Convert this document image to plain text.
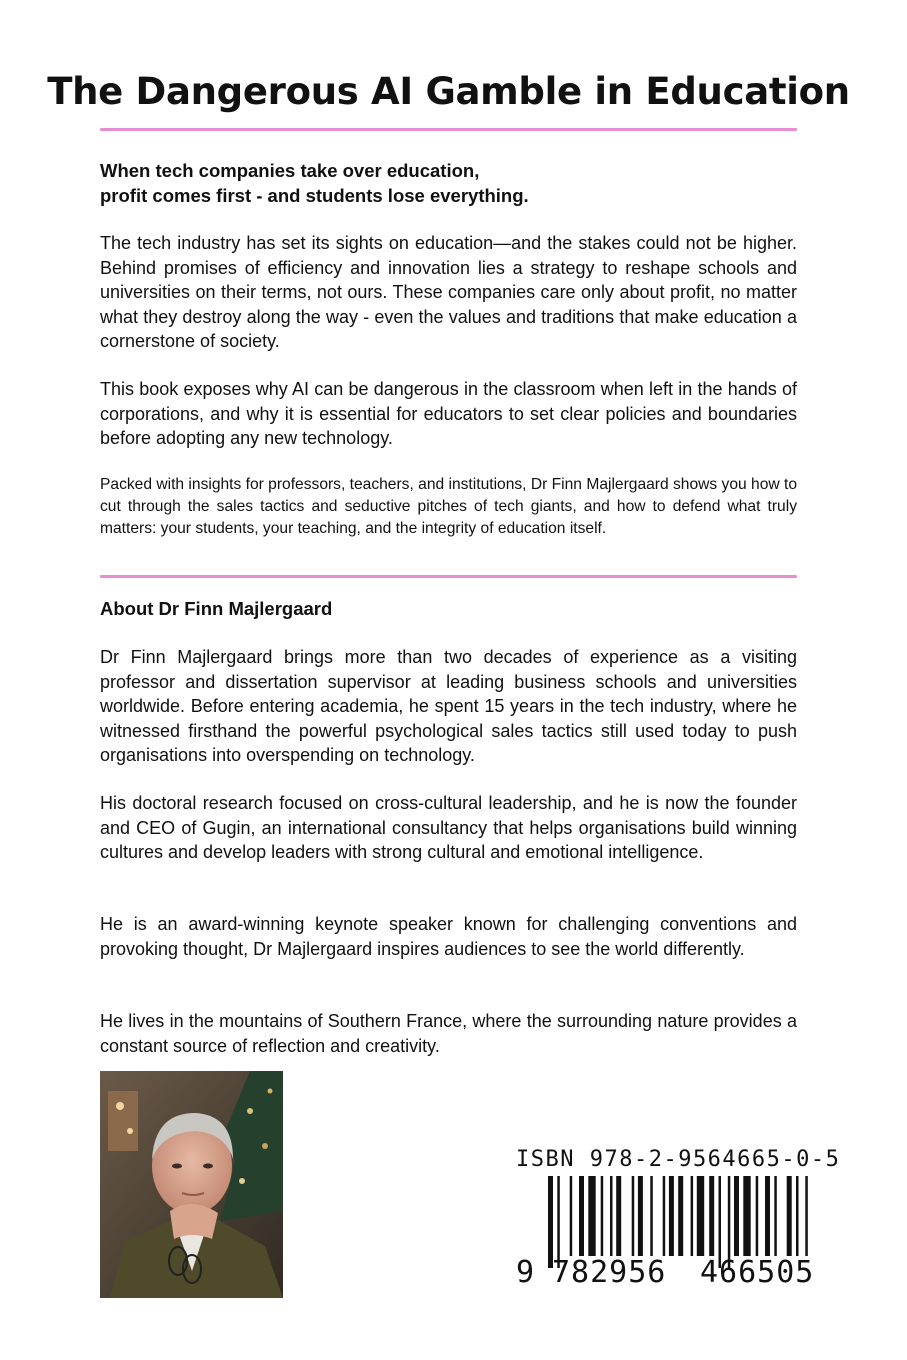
The Dangerous AI Gamble in Education

When tech companies take over education,
profit comes first - and students lose everything.

The tech industry has set its sights on education—and the stakes could not be higher. Behind promises of efficiency and innovation lies a strategy to reshape schools and universities on their terms, not ours. These companies care only about profit, no matter what they destroy along the way - even the values and traditions that make education a cornerstone of society.

This book exposes why AI can be dangerous in the classroom when left in the hands of corporations, and why it is essential for educators to set clear policies and boundaries before adopting any new technology.

Packed with insights for professors, teachers, and institutions, Dr Finn Majlergaard shows you how to cut through the sales tactics and seductive pitches of tech giants, and how to defend what truly matters: your students, your teaching, and the integrity of education itself.

About Dr Finn Majlergaard

Dr Finn Majlergaard brings more than two decades of experience as a visiting professor and dissertation supervisor at leading business schools and universities worldwide. Before entering academia, he spent 15 years in the tech industry, where he witnessed firsthand the powerful psychological sales tactics still used today to push organisations into overspending on technology.

His doctoral research focused on cross-cultural leadership, and he is now the founder and CEO of Gugin, an international consultancy that helps organisations build winning cultures and develop leaders with strong cultural and emotional intelligence.

He is an award-winning keynote speaker known for challenging conventions and provoking thought, Dr Majlergaard inspires audiences to see the world differently.

He lives in the mountains of Southern France, where the surrounding nature provides a constant source of reflection and creativity.

ISBN 978-2-9564665-0-5
9 782956 466505
